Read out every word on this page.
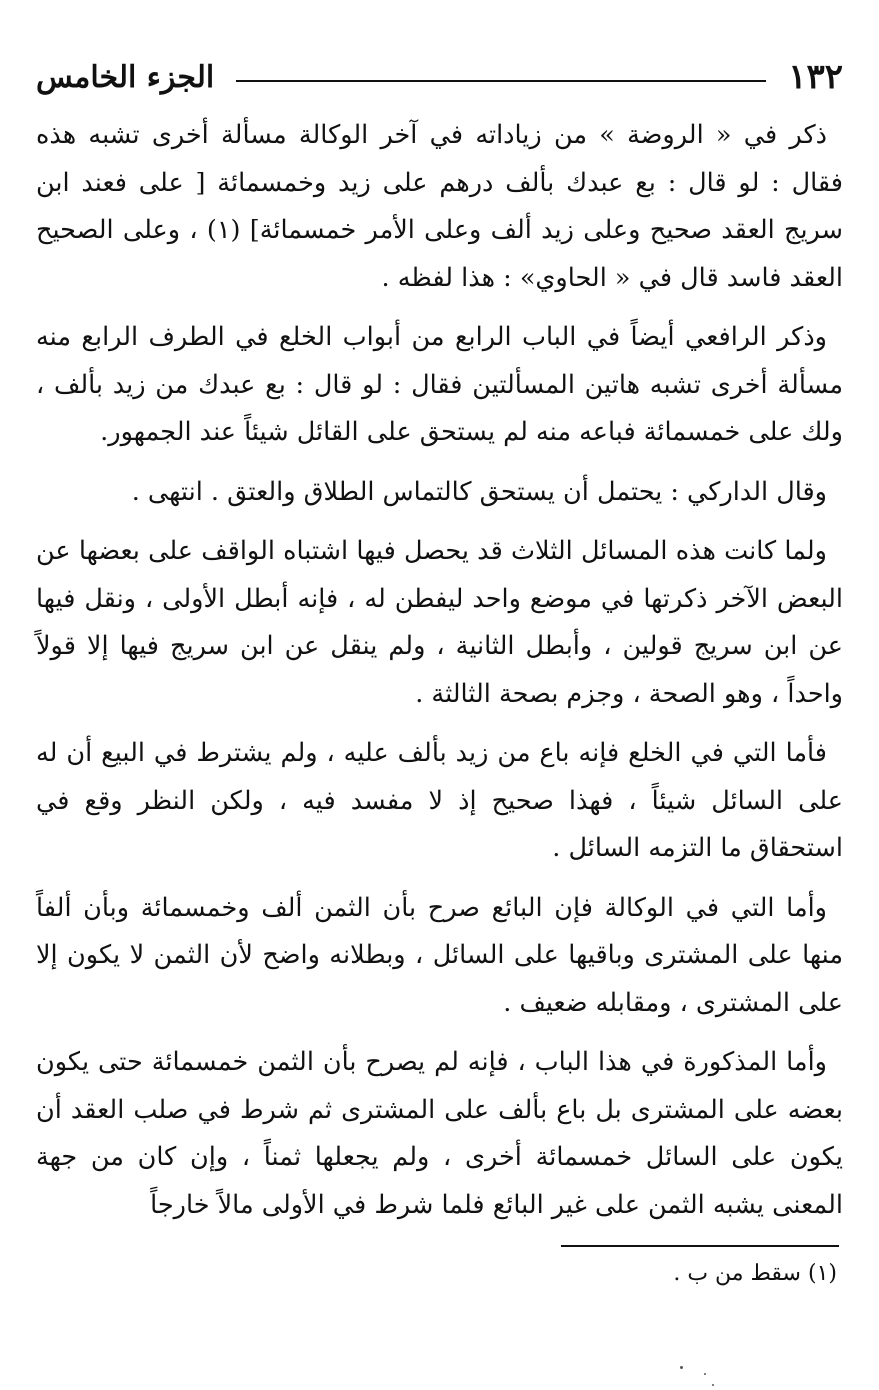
١٣٢
الجزء الخامس

ذكر في « الروضة » من زياداته في آخر الوكالة مسألة أخرى تشبه هذه فقال : لو قال : بع عبدك بألف درهم على زيد وخمسمائة [ على فعند ابن سريج العقد صحيح وعلى زيد ألف وعلى الأمر خمسمائة] (١) ، وعلى الصحيح العقد فاسد قال في « الحاوي» : هذا لفظه .

وذكر الرافعي أيضاً في الباب الرابع من أبواب الخلع في الطرف الرابع منه مسألة أخرى تشبه هاتين المسألتين فقال : لو قال : بع عبدك من زيد بألف ، ولك على خمسمائة فباعه منه لم يستحق على القائل شيئاً عند الجمهور.

وقال الداركي : يحتمل أن يستحق كالتماس الطلاق والعتق . انتهى .

ولما كانت هذه المسائل الثلاث قد يحصل فيها اشتباه الواقف على بعضها عن البعض الآخر ذكرتها في موضع واحد ليفطن له ، فإنه أبطل الأولى ، ونقل فيها عن ابن سريج قولين ، وأبطل الثانية ، ولم ينقل عن ابن سريج فيها إلا قولاً واحداً ، وهو الصحة ، وجزم بصحة الثالثة .

فأما التي في الخلع فإنه باع من زيد بألف عليه ، ولم يشترط في البيع أن له على السائل شيئاً ، فهذا صحيح إذ لا مفسد فيه ، ولكن النظر وقع في استحقاق ما التزمه السائل .

وأما التي في الوكالة فإن البائع صرح بأن الثمن ألف وخمسمائة وبأن ألفاً منها على المشترى وباقيها على السائل ، وبطلانه واضح لأن الثمن لا يكون إلا على المشترى ، ومقابله ضعيف .

وأما المذكورة في هذا الباب ، فإنه لم يصرح بأن الثمن خمسمائة حتى يكون بعضه على المشترى بل باع بألف على المشترى ثم شرط في صلب العقد أن يكون على السائل خمسمائة أخرى ، ولم يجعلها ثمناً ، وإن كان من جهة المعنى يشبه الثمن على غير البائع فلما شرط في الأولى مالاً خارجاً

(١) سقط من ب .
